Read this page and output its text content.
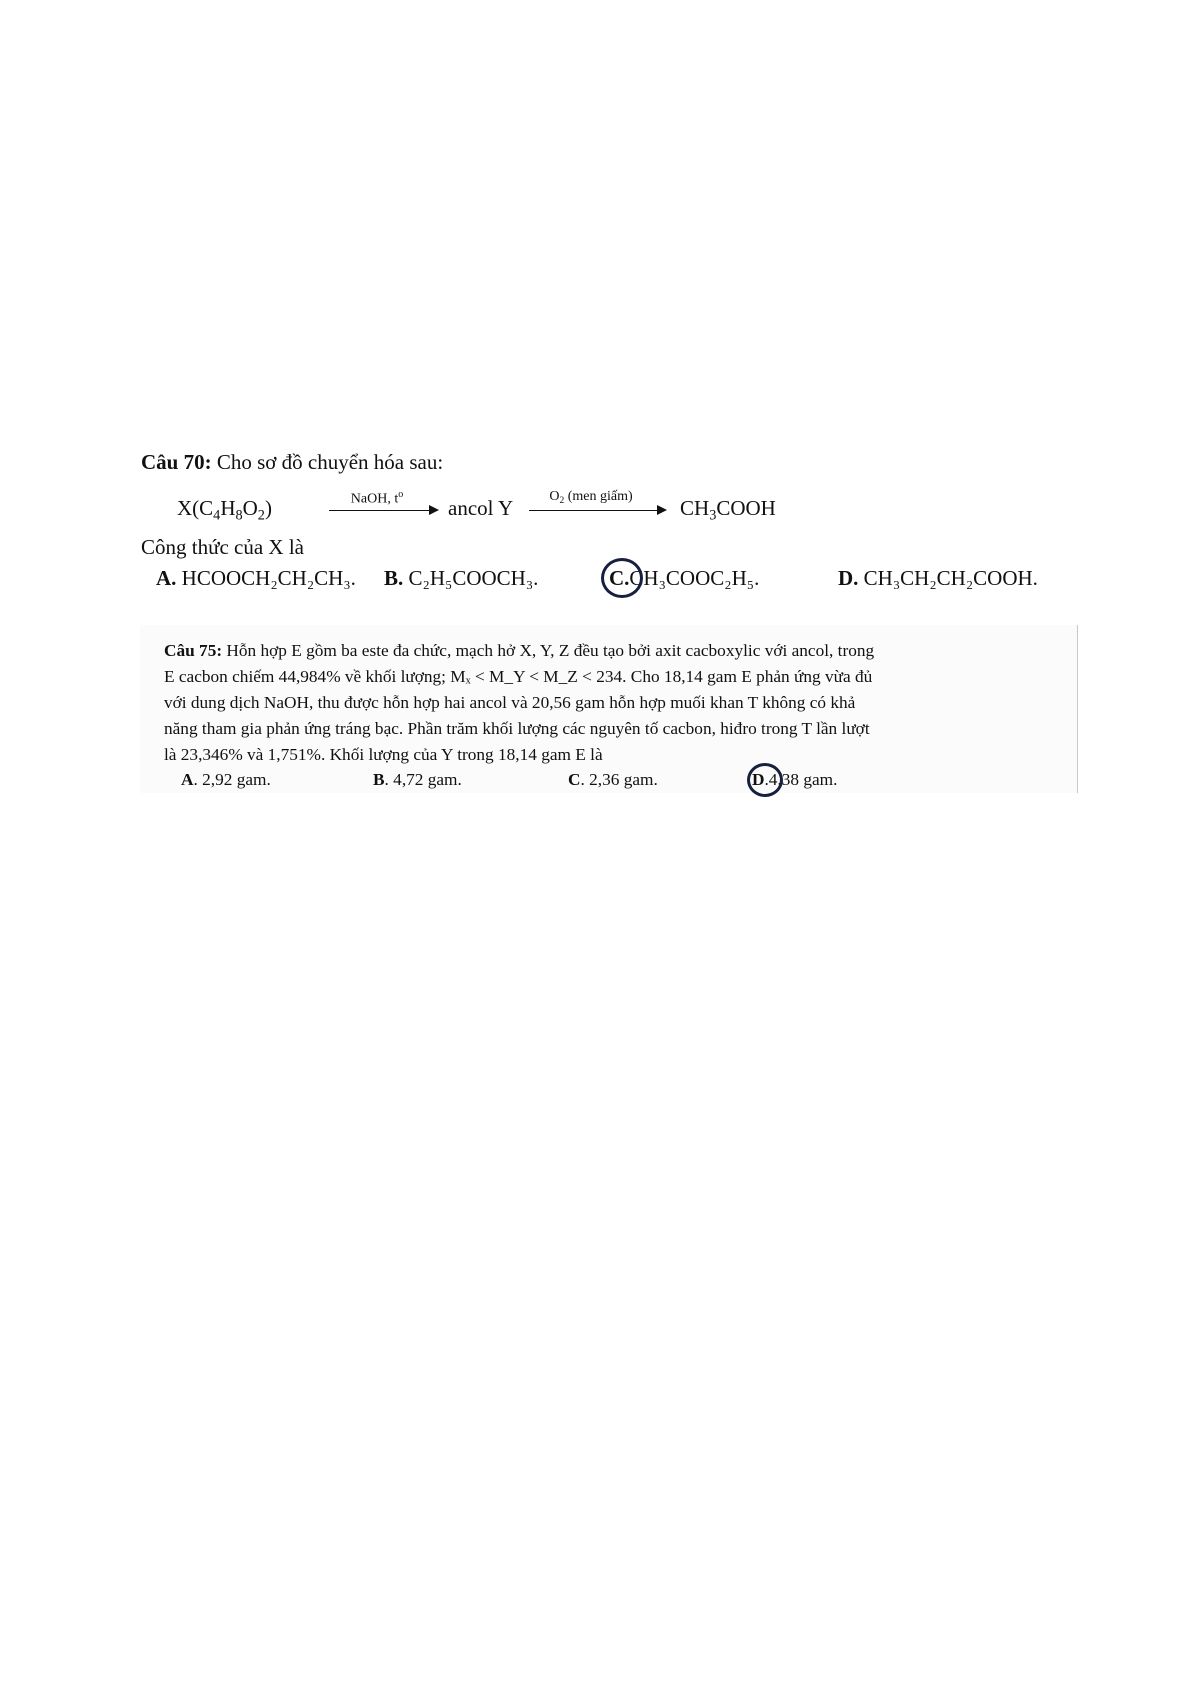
Câu 70: Cho sơ đồ chuyển hóa sau:
$X(C_4H_8O_2)$	NaOH, $t^o$
ancol Y	$O_2$ (men giấm)	$CH_3COOH$
Công thức của X là
A. HCOOCH₂CH₂CH₃. B. C₂H₅COOCH₃.	C.CH₃COOC₂H₅.	D. CH₃CH₂CH₂COOH.
Câu 75: Hỗn hợp E gồm ba este đa chức, mạch hở X, Y, Z đều tạo bởi axit cacboxylic với ancol, trong
E cacbon chiếm 44,984% về khối lượng; Mₓ < M_Y < M_Z < 234. Cho 18,14 gam E phản ứng vừa đủ
với dung dịch NaOH, thu được hỗn hợp hai ancol và 20,56 gam hỗn hợp muối khan T không có khả
năng tham gia phản ứng tráng bạc. Phần trăm khối lượng các nguyên tố cacbon, hiđro trong T lần lượt
là 23,346% và 1,751%. Khối lượng của Y trong 18,14 gam E là
A. 2,92 gam.	B. 4,72 gam.	C. 2,36 gam.	D.4,38 gam.
